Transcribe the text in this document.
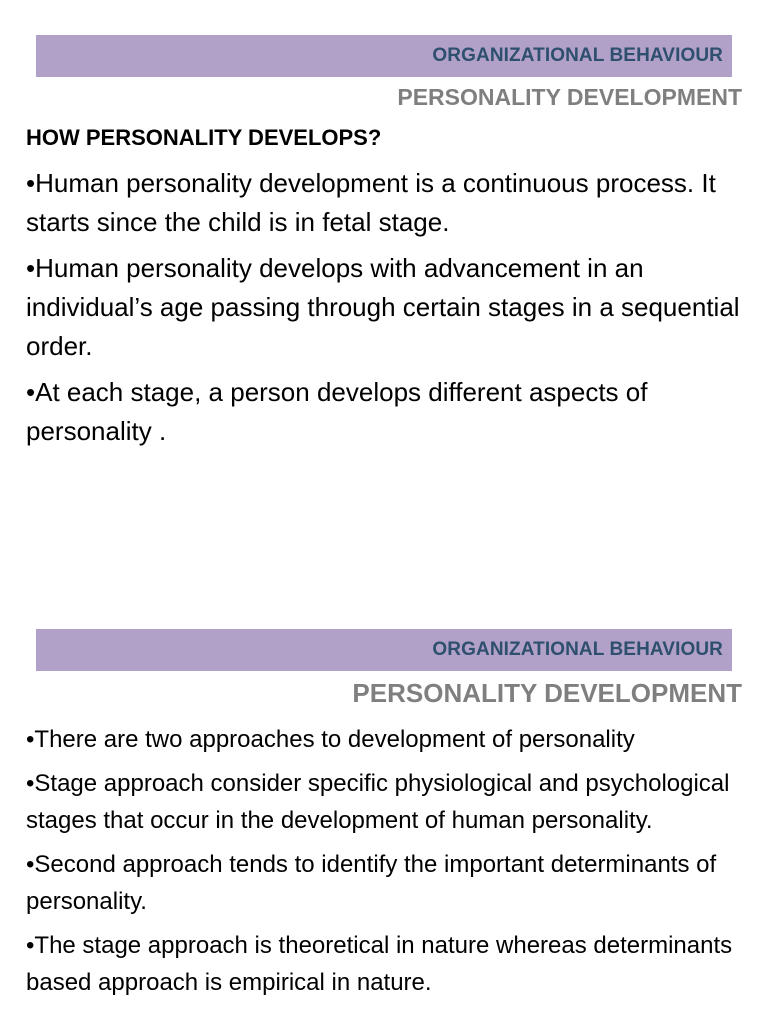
ORGANIZATIONAL BEHAVIOUR
PERSONALITY DEVELOPMENT
HOW PERSONALITY DEVELOPS?
•Human personality development is a continuous process. It starts since the child is in fetal stage.
•Human personality develops with advancement in an individual’s age passing through certain stages in a sequential order.
•At each stage, a person develops different aspects of personality .
ORGANIZATIONAL BEHAVIOUR
PERSONALITY DEVELOPMENT
•There are two approaches to development of personality
•Stage approach consider specific physiological and psychological stages that occur in the development of human personality.
•Second approach tends to identify the important determinants of personality.
•The stage approach is theoretical in nature whereas determinants based approach is empirical in nature.
